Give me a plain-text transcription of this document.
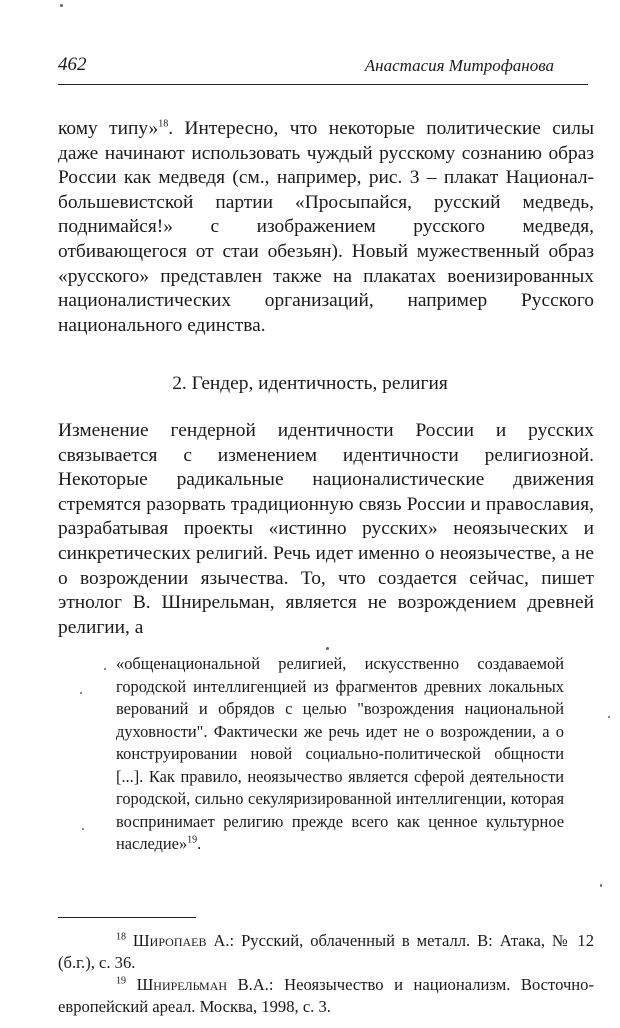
462	Анастасия Митрофанова

кому типу»$^{18}$. Интересно, что некоторые политические силы даже начинают использовать чуждый русскому сознанию образ России как медведя (см., например, рис. 3 – плакат Национал-большевистской партии «Просыпайся, русский медведь, поднимайся!» с изображением русского медведя, отбивающегося от стаи обезьян). Новый мужественный образ «русского» представлен также на плакатах военизированных националистических организаций, например Русского национального единства.

2. Гендер, идентичность, религия

Изменение гендерной идентичности России и русских связывается с изменением идентичности религиозной. Некоторые радикальные националистические движения стремятся разорвать традиционную связь России и православия, разрабатывая проекты «истинно русских» неоязыческих и синкретических религий. Речь идет именно о неоязычестве, а не о возрождении язычества. То, что создается сейчас, пишет этнолог В. Шнирельман, является не возрождением древней религии, а

«общенациональной религией, искусственно создаваемой городской интеллигенцией из фрагментов древних локальных верований и обрядов с целью "возрождения национальной духовности". Фактически же речь идет не о возрождении, а о конструировании новой социально-политической общности [...]. Как правило, неоязычество является сферой деятельности городской, сильно секуляризированной интеллигенции, которая воспринимает религию прежде всего как ценное культурное наследие»$^{19}$.

$^{18}$ Широпаев А.: Русский, облаченный в металл. В: Атака, № 12 (б.г.), с. 36.

$^{19}$ Шнирельман В.А.: Неоязычество и национализм. Восточно-европейский ареал. Москва, 1998, с. 3.
